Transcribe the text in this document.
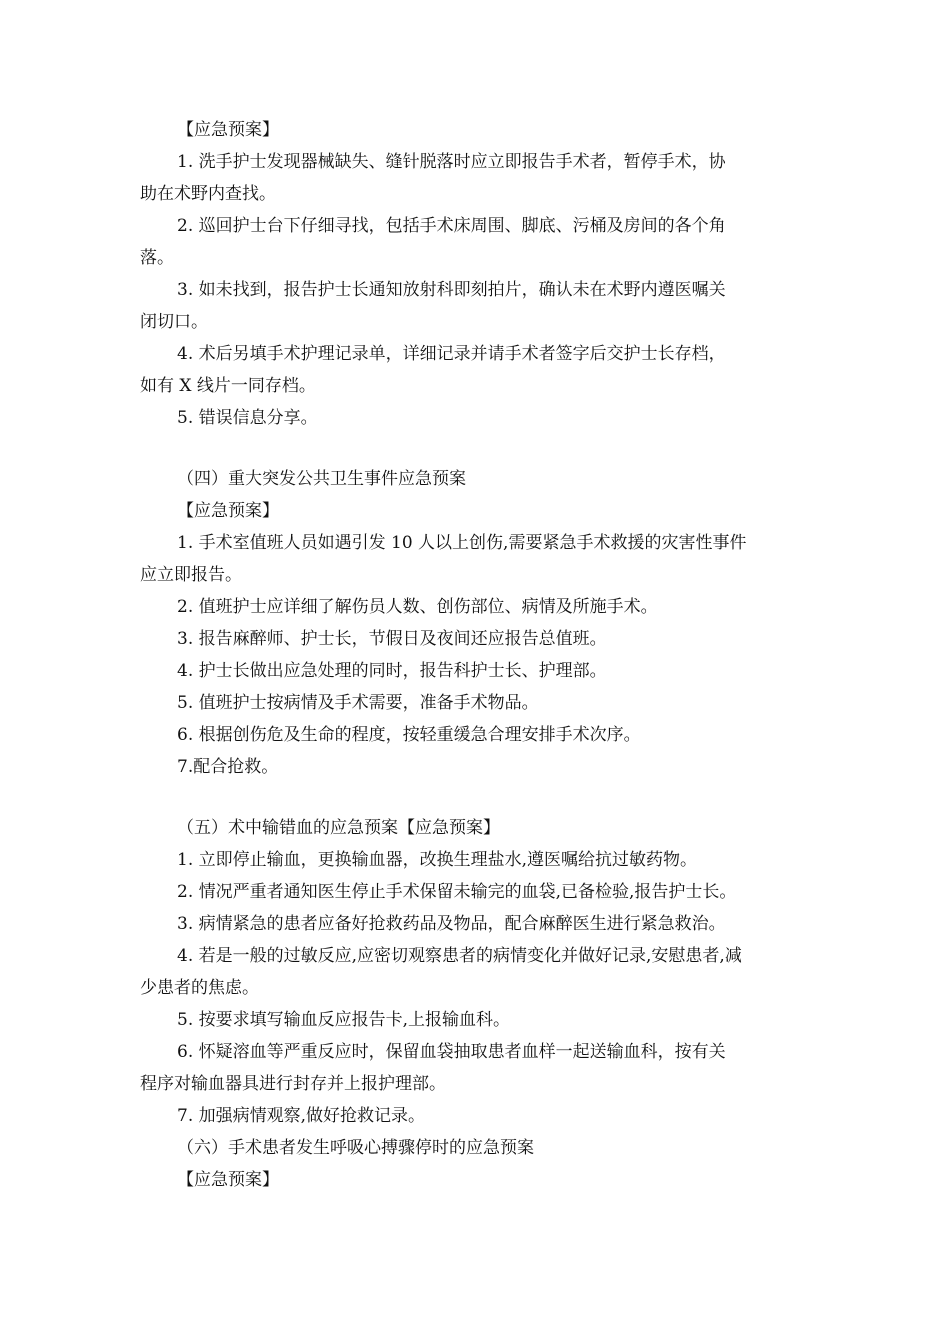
【应急预案】
1. 洗手护士发现器械缺失、缝针脱落时应立即报告手术者，暂停手术，协
助在术野内查找。
2. 巡回护士台下仔细寻找，包括手术床周围、脚底、污桶及房间的各个角
落。
3. 如未找到，报告护士长通知放射科即刻拍片，确认未在术野内遵医嘱关
闭切口。
4. 术后另填手术护理记录单，详细记录并请手术者签字后交护士长存档，
如有 X 线片一同存档。
5. 错误信息分享。
（四）重大突发公共卫生事件应急预案
【应急预案】
1. 手术室值班人员如遇引发 10 人以上创伤,需要紧急手术救援的灾害性事件
应立即报告。
2. 值班护士应详细了解伤员人数、创伤部位、病情及所施手术。
3. 报告麻醉师、护士长，节假日及夜间还应报告总值班。
4. 护士长做出应急处理的同时，报告科护士长、护理部。
5. 值班护士按病情及手术需要，准备手术物品。
6. 根据创伤危及生命的程度，按轻重缓急合理安排手术次序。
7.配合抢救。
（五）术中输错血的应急预案【应急预案】
1. 立即停止输血，更换输血器，改换生理盐水,遵医嘱给抗过敏药物。
2. 情况严重者通知医生停止手术保留未输完的血袋,已备检验,报告护士长。
3. 病情紧急的患者应备好抢救药品及物品，配合麻醉医生进行紧急救治。
4. 若是一般的过敏反应,应密切观察患者的病情变化并做好记录,安慰患者,减
少患者的焦虑。
5. 按要求填写输血反应报告卡,上报输血科。
6. 怀疑溶血等严重反应时，保留血袋抽取患者血样一起送输血科，按有关
程序对输血器具进行封存并上报护理部。
7. 加强病情观察,做好抢救记录。
（六）手术患者发生呼吸心搏骤停时的应急预案
【应急预案】
